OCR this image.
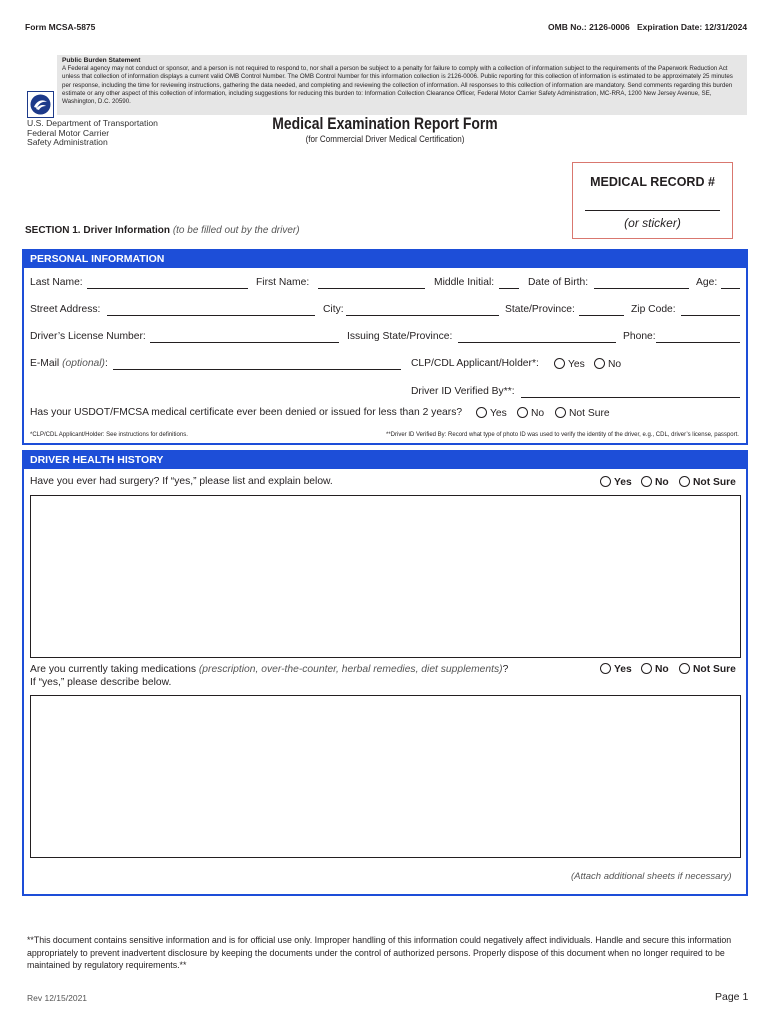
Form MCSA-5875	OMB No.: 2126-0006 Expiration Date: 12/31/2024
Public Burden Statement
A Federal agency may not conduct or sponsor, and a person is not required to respond to, nor shall a person be subject to a penalty for failure to comply with a collection of information subject to the requirements of the Paperwork Reduction Act unless that collection of information displays a current valid OMB Control Number. The OMB Control Number for this information collection is 2126-0006. Public reporting for this collection of information is estimated to be approximately 25 minutes per response, including the time for reviewing instructions, gathering the data needed, and completing and reviewing the collection of information. All responses to this collection of information are mandatory. Send comments regarding this burden estimate or any other aspect of this collection of information, including suggestions for reducing this burden to: Information Collection Clearance Officer, Federal Motor Carrier Safety Administration, MC-RRA, 1200 New Jersey Avenue, SE, Washington, D.C. 20590.
U.S. Department of Transportation
Federal Motor Carrier
Safety Administration
Medical Examination Report Form
(for Commercial Driver Medical Certification)
MEDICAL RECORD #
(or sticker)
SECTION 1. Driver Information (to be filled out by the driver)
PERSONAL INFORMATION
Last Name:	First Name:	Middle Initial:	Date of Birth:	Age:
Street Address:	City:	State/Province:	Zip Code:
Driver’s License Number:	Issuing State/Province:	Phone:
E-Mail (optional):	CLP/CDL Applicant/Holder*:	Yes	No
Driver ID Verified By**:
Has your USDOT/FMCSA medical certificate ever been denied or issued for less than 2 years?	Yes	No	Not Sure
*CLP/CDL Applicant/Holder: See instructions for definitions.	**Driver ID Verified By: Record what type of photo ID was used to verify the identity of the driver, e.g., CDL, driver’s license, passport.
DRIVER HEALTH HISTORY
Have you ever had surgery? If “yes,” please list and explain below.	Yes	No	Not Sure
Are you currently taking medications (prescription, over-the-counter, herbal remedies, diet supplements)?
If “yes,” please describe below.
Yes	No	Not Sure
(Attach additional sheets if necessary)
**This document contains sensitive information and is for official use only. Improper handling of this information could negatively affect individuals. Handle and secure this information appropriately to prevent inadvertent disclosure by keeping the documents under the control of authorized persons. Properly dispose of this document when no longer required to be maintained by regulatory requirements.**
Rev 12/15/2021	Page 1
